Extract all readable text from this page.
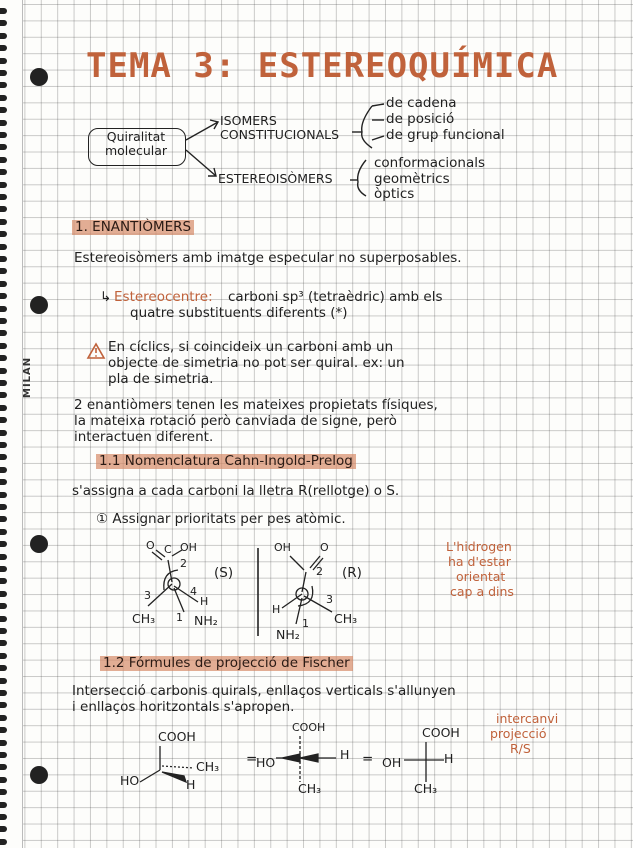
MILAN
TEMA 3: ESTEREOQUÍMICA
Quiralitat
molecular
ISOMERS
CONSTITUCIONALS
ESTEREOISÒMERS
de cadena
de posició
de grup funcional
conformacionals
geomètrics
òptics
1. ENANTIÒMERS
Estereoisòmers amb imatge especular no superposables.
↳ Estereocentre: carboni sp³ (tetraèdric) amb els
quatre substituents diferents (*)
En cíclics, si coincideix un carboni amb un
objecte de simetria no pot ser quiral. ex: un
pla de simetria.
2 enantiòmers tenen les mateixes propietats físiques,
la mateixa rotació però canviada de signe, però
interactuen diferent.
1.1 Nomenclatura Cahn-Ingold-Prelog
s'assigna a cada carboni la lletra R(rellotge) o S.
① Assignar prioritats per pes atòmic.
O C OH
2
3
1
4
H
CH₃	NH₂
(S)
OH	O
2
3
1
H
NH₂
CH₃
(R)
L'hidrogen
ha d'estar
orientat
cap a dins
1.2 Fórmules de projecció de Fischer
Intersecció carbonis quirals, enllaços verticals s'allunyen
i enllaços horitzontals s'apropen.
COOH
HO
CH₃
H
=
COOH
HO
H
CH₃
=
COOH
OH	H
CH₃
intercanvi
projecció
R/S
